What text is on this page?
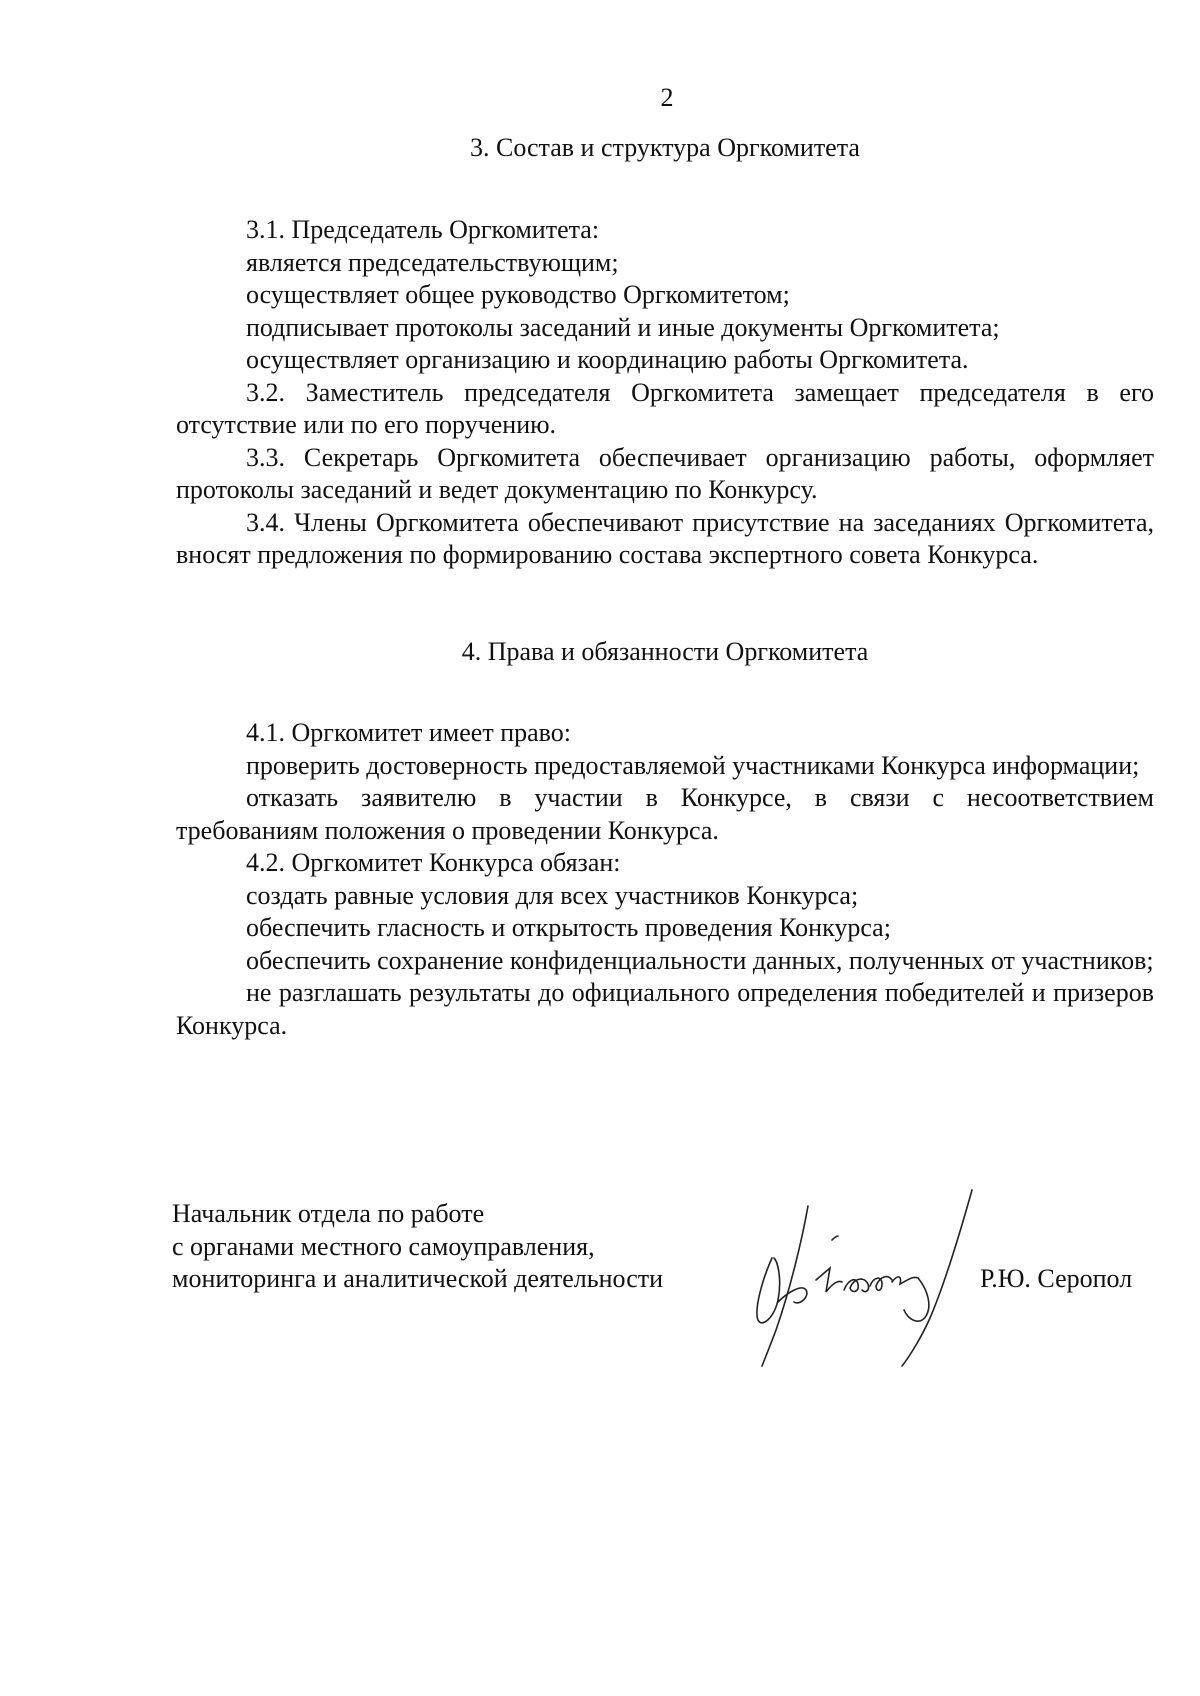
2
3. Состав и структура Оргкомитета

3.1. Председатель Оргкомитета:

является председательствующим;

осуществляет общее руководство Оргкомитетом;

подписывает протоколы заседаний и иные документы Оргкомитета;

осуществляет организацию и координацию работы Оргкомитета.

3.2. Заместитель председателя Оргкомитета замещает председателя в его отсутствие или по его поручению.

3.3. Секретарь Оргкомитета обеспечивает организацию работы, оформляет протоколы заседаний и ведет документацию по Конкурсу.

3.4. Члены Оргкомитета обеспечивают присутствие на заседаниях Оргкомитета, вносят предложения по формированию состава экспертного совета Конкурса.

4. Права и обязанности Оргкомитета

4.1. Оргкомитет имеет право:

проверить достоверность предоставляемой участниками Конкурса информации;

отказать заявителю в участии в Конкурсе, в связи с несоответствием требованиям положения о проведении Конкурса.

4.2. Оргкомитет Конкурса обязан:

создать равные условия для всех участников Конкурса;

обеспечить гласность и открытость проведения Конкурса;

обеспечить сохранение конфиденциальности данных, полученных от участников;

не разглашать результаты до официального определения победителей и призеров Конкурса.

Начальник отдела по работе

с органами местного самоуправления,

мониторинга и аналитической деятельности	Р.Ю. Серопол
